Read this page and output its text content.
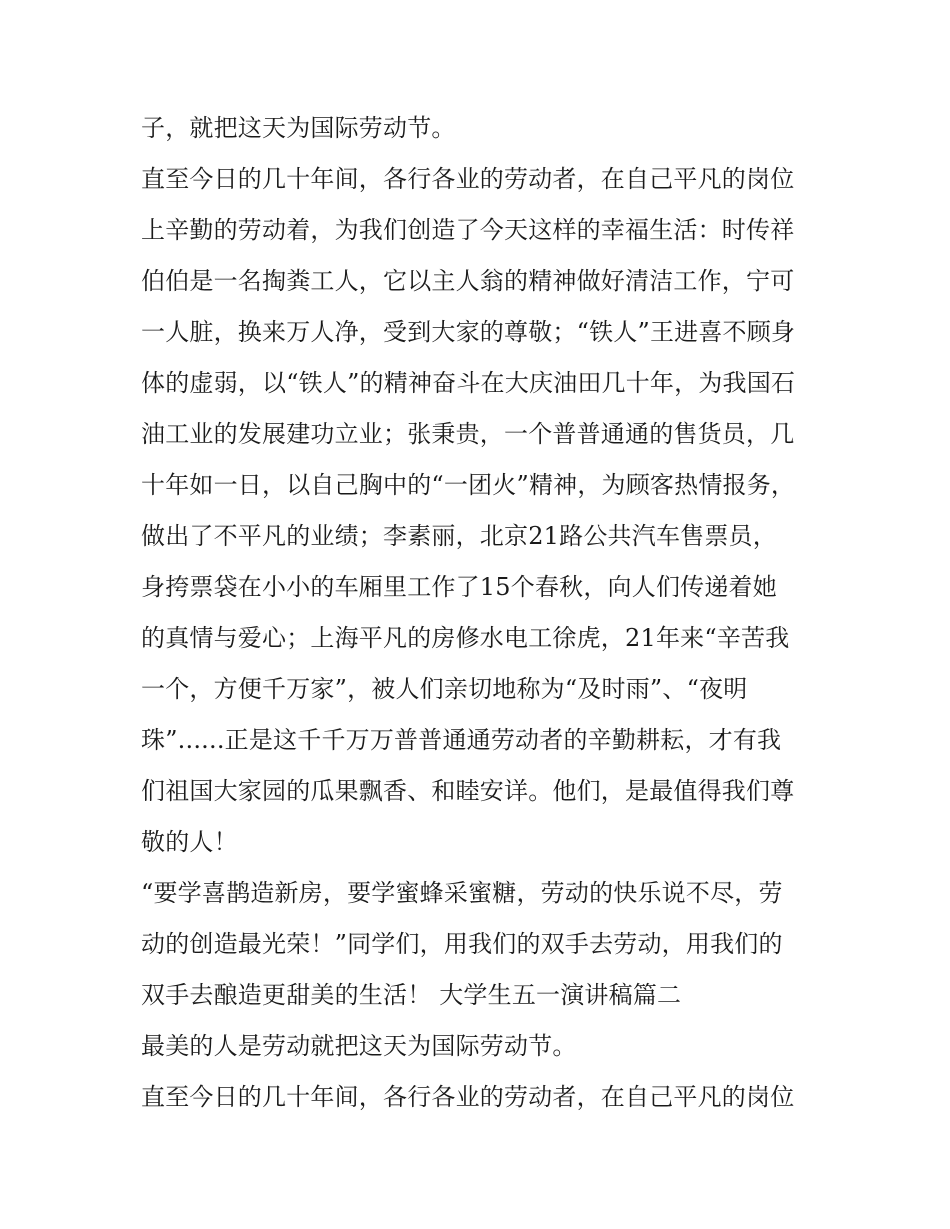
子，就把这天为国际劳动节。
直至今日的几十年间，各行各业的劳动者，在自己平凡的岗位
上辛勤的劳动着，为我们创造了今天这样的幸福生活：时传祥
伯伯是一名掏粪工人，它以主人翁的精神做好清洁工作，宁可
一人脏，换来万人净，受到大家的尊敬；“铁人”王进喜不顾身
体的虚弱，以“铁人”的精神奋斗在大庆油田几十年，为我国石
油工业的发展建功立业；张秉贵，一个普普通通的售货员，几
十年如一日，以自己胸中的“一团火”精神，为顾客热情报务，
做出了不平凡的业绩；李素丽，北京21路公共汽车售票员，
身挎票袋在小小的车厢里工作了15个春秋，向人们传递着她
的真情与爱心；上海平凡的房修水电工徐虎，21年来“辛苦我
一个，方便千万家”，被人们亲切地称为“及时雨”、“夜明
珠”......正是这千千万万普普通通劳动者的辛勤耕耘，才有我
们祖国大家园的瓜果飘香、和睦安详。他们，是最值得我们尊
敬的人！
“要学喜鹊造新房，要学蜜蜂采蜜糖，劳动的快乐说不尽，劳
动的创造最光荣！”同学们，用我们的双手去劳动，用我们的
双手去酿造更甜美的生活！ 大学生五一演讲稿篇二
最美的人是劳动就把这天为国际劳动节。
直至今日的几十年间，各行各业的劳动者，在自己平凡的岗位
